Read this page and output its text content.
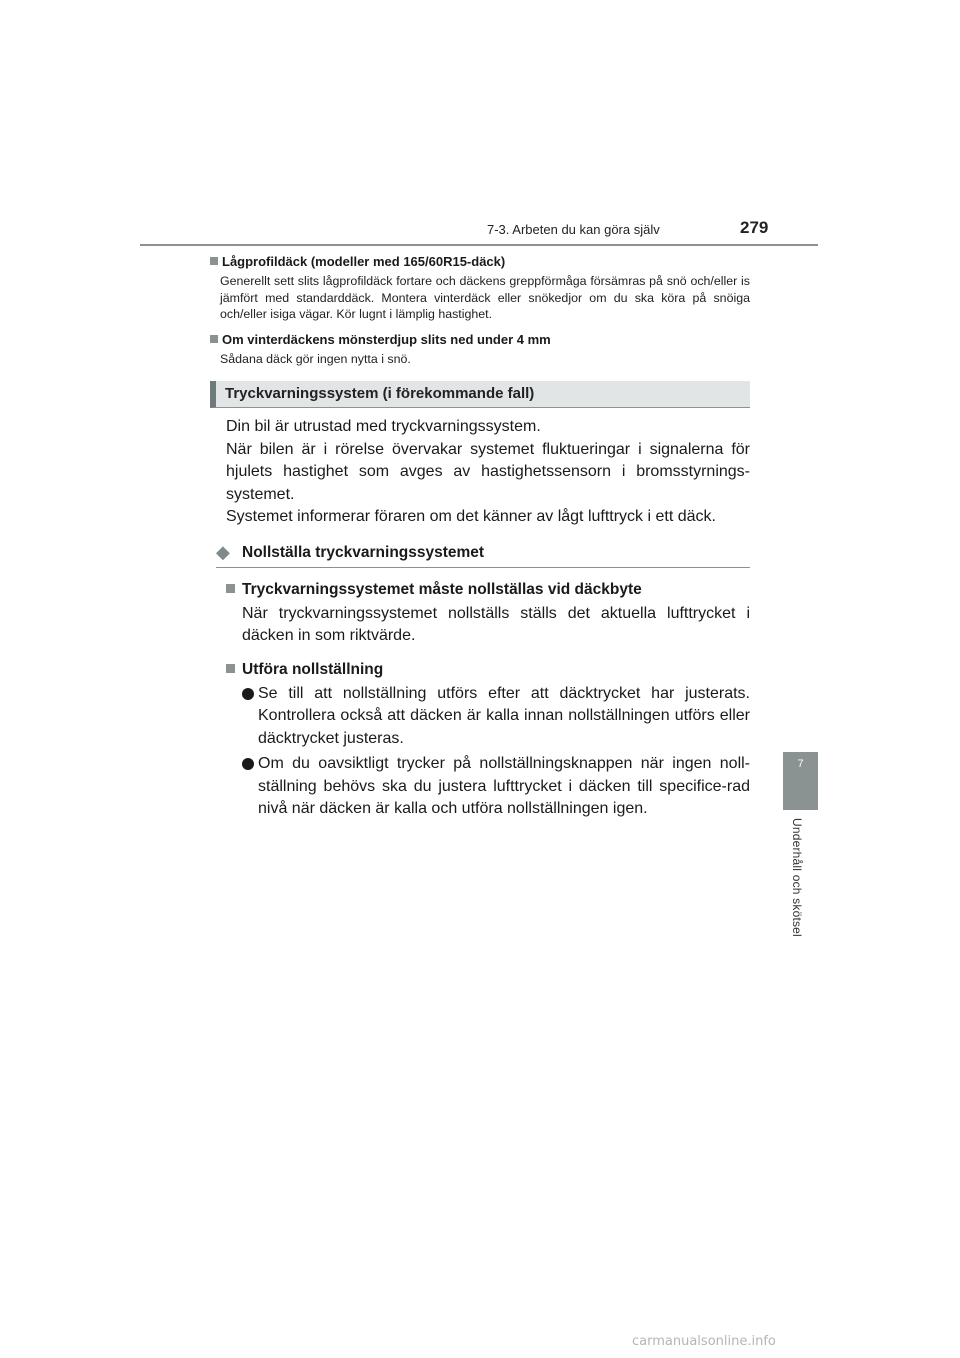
7-3. Arbeten du kan göra själv	279
7
Underhåll och skötsel

Lågprofildäck (modeller med 165/60R15-däck)

Generellt sett slits lågprofildäck fortare och däckens greppförmåga försämras på snö och/eller is jämfört med standarddäck. Montera vinterdäck eller snökedjor om du ska köra på snöiga och/eller isiga vägar. Kör lugnt i lämplig hastighet.

Om vinterdäckens mönsterdjup slits ned under 4 mm

Sådana däck gör ingen nytta i snö.

Tryckvarningssystem (i förekommande fall)
Din bil är utrustad med tryckvarningssystem.
När bilen är i rörelse övervakar systemet fluktueringar i signalerna för hjulets hastighet som avges av hastighetssensorn i bromsstyrnings-systemet.
Systemet informerar föraren om det känner av lågt lufttryck i ett däck.
◆ Nollställa tryckvarningssystemet
Tryckvarningssystemet måste nollställas vid däckbyte
När tryckvarningssystemet nollställs ställs det aktuella lufttrycket i däcken in som riktvärde.
Utföra nollställning
Se till att nollställning utförs efter att däcktrycket har justerats. Kontrollera också att däcken är kalla innan nollställningen utförs eller däcktrycket justeras.
Om du oavsiktligt trycker på nollställningsknappen när ingen noll-ställning behövs ska du justera lufttrycket i däcken till specifice-rad nivå när däcken är kalla och utföra nollställningen igen.
carmanualsonline.info
